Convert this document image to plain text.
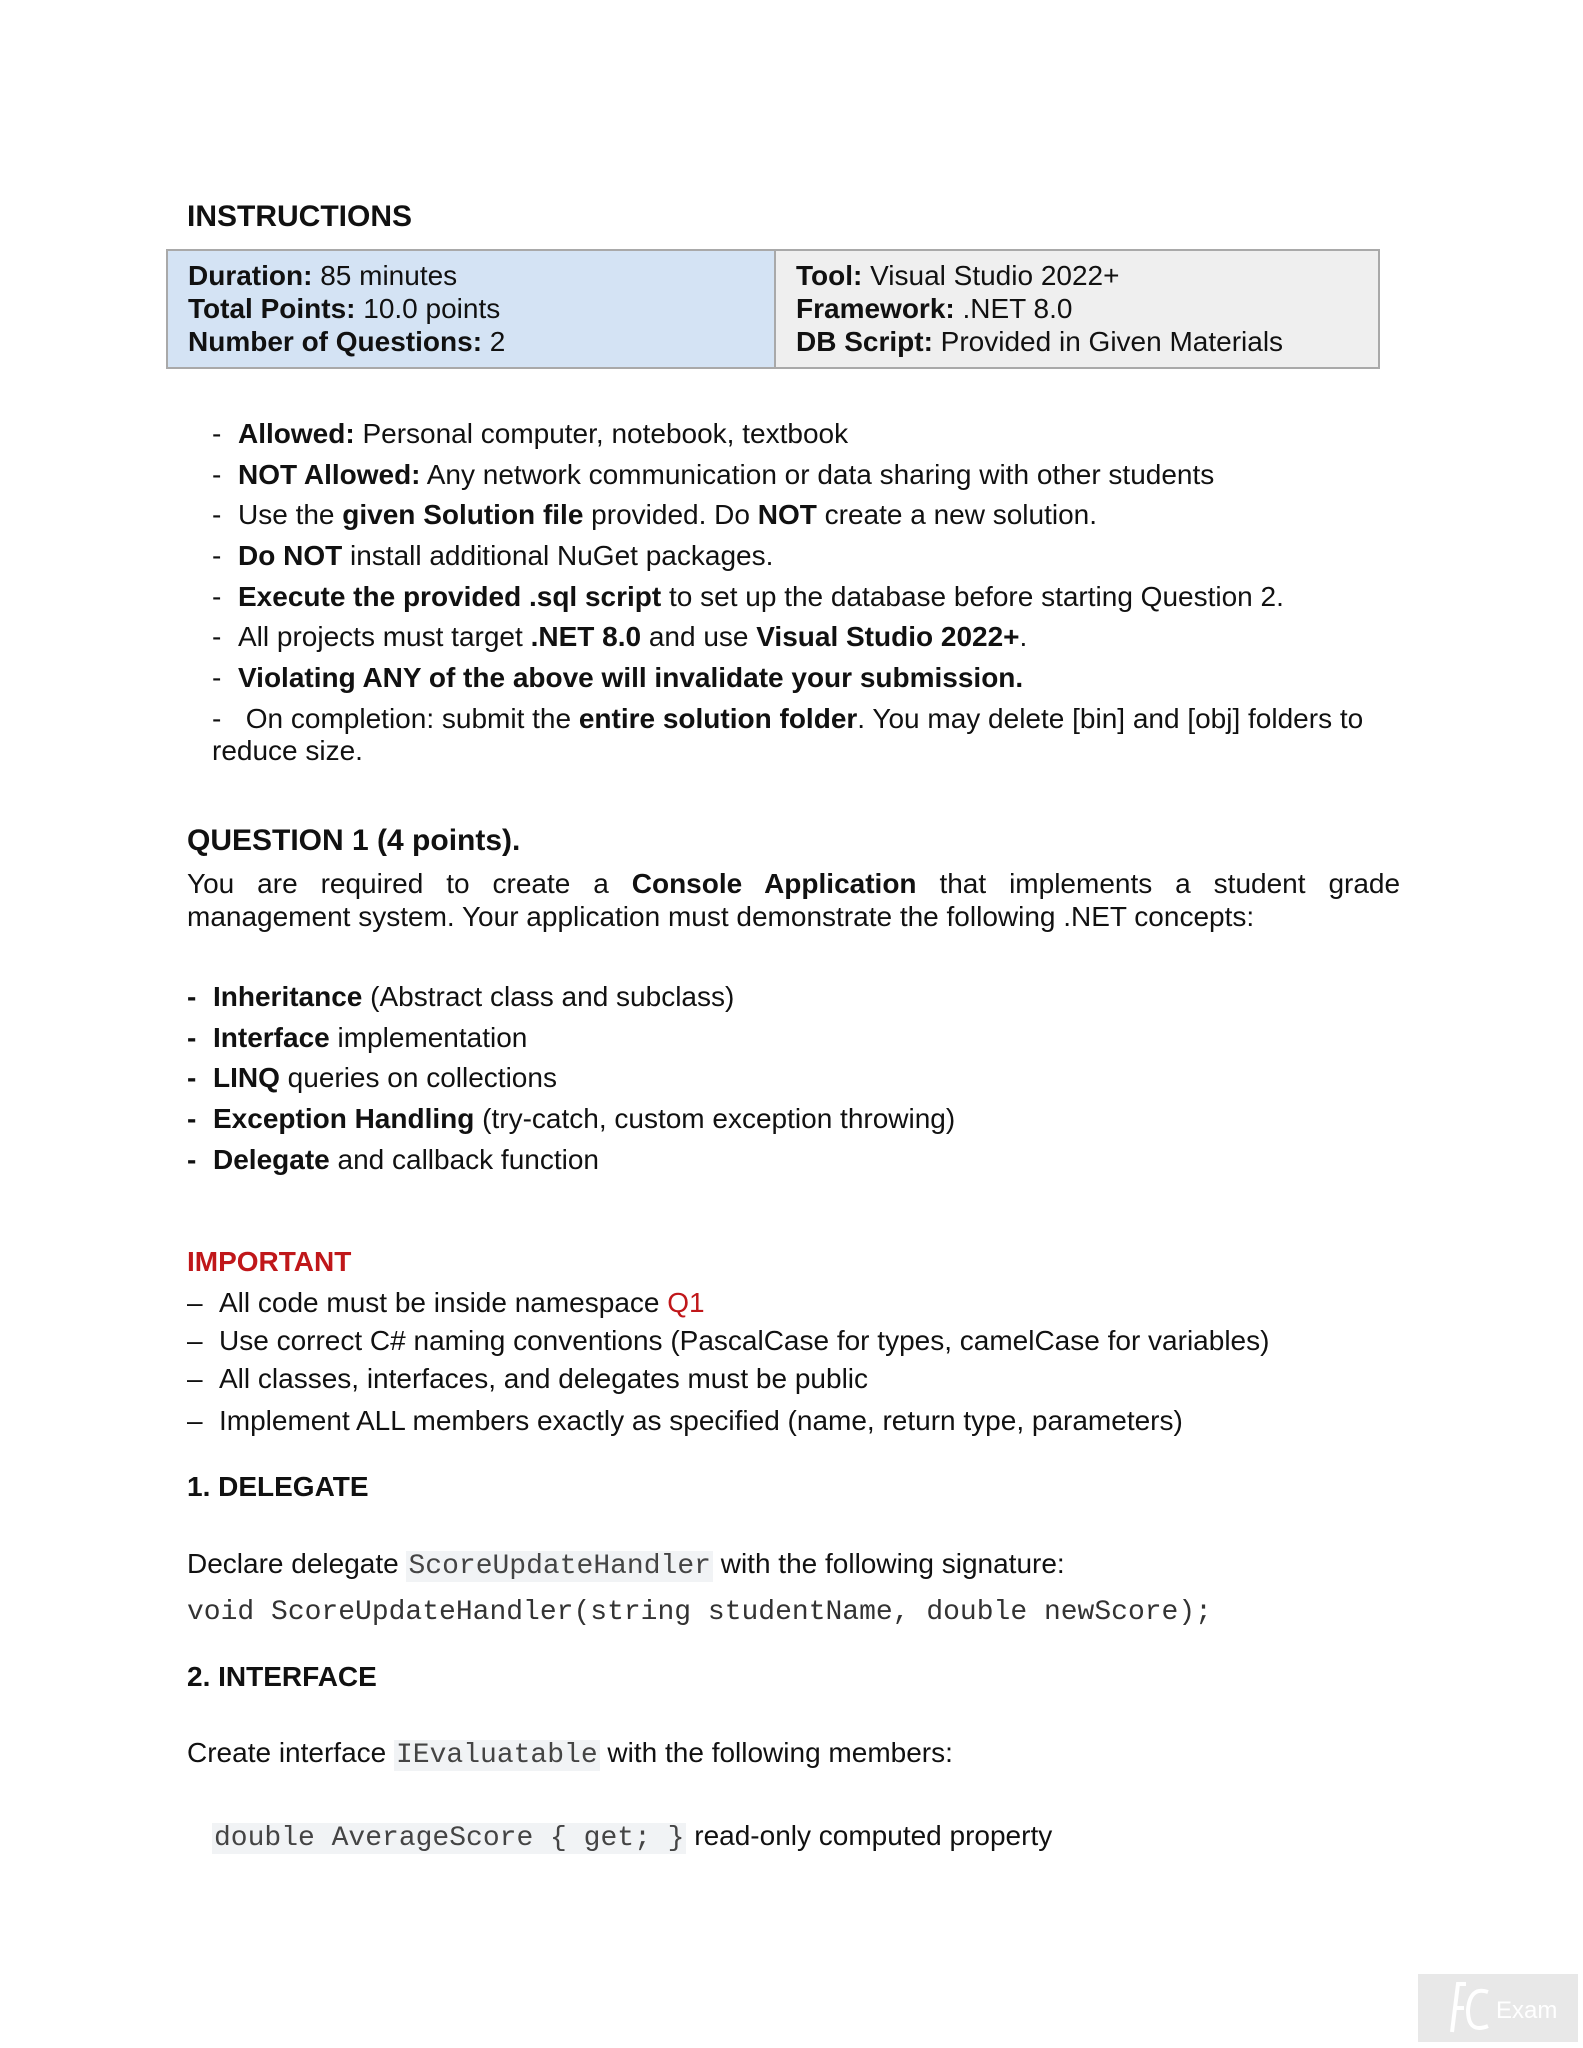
INSTRUCTIONS
Duration: 85 minutes
Total Points: 10.0 points
Number of Questions: 2

Tool: Visual Studio 2022+
Framework: .NET 8.0
DB Script: Provided in Given Materials
- Allowed: Personal computer, notebook, textbook
- NOT Allowed: Any network communication or data sharing with other students
- Use the given Solution file provided. Do NOT create a new solution.
- Do NOT install additional NuGet packages.
- Execute the provided .sql script to set up the database before starting Question 2.
- All projects must target .NET 8.0 and use Visual Studio 2022+.
- Violating ANY of the above will invalidate your submission.
- On completion: submit the entire solution folder. You may delete [bin] and [obj] folders to
reduce size.
QUESTION 1 (4 points).
You are required to create a Console Application that implements a student grade
management system. Your application must demonstrate the following .NET concepts:
- Inheritance (Abstract class and subclass)
- Interface implementation
- LINQ queries on collections
- Exception Handling (try-catch, custom exception throwing)
- Delegate and callback function
IMPORTANT
– All code must be inside namespace Q1
– Use correct C# naming conventions (PascalCase for types, camelCase for variables)
– All classes, interfaces, and delegates must be public
– Implement ALL members exactly as specified (name, return type, parameters)
1. DELEGATE
Declare delegate ScoreUpdateHandler with the following signature:
void ScoreUpdateHandler(string studentName, double newScore);
2. INTERFACE
Create interface IEvaluatable with the following members:
double AverageScore { get; } read-only computed property
Exam
